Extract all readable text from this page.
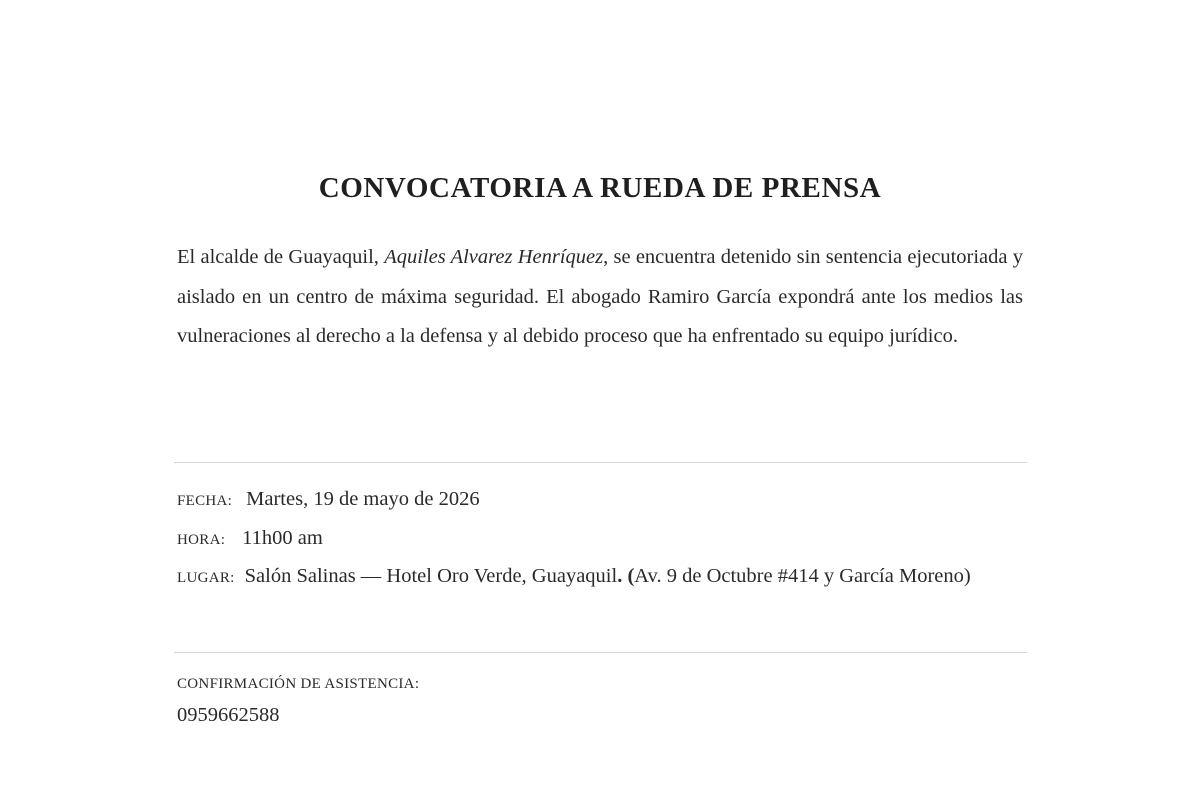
CONVOCATORIA A RUEDA DE PRENSA

El alcalde de Guayaquil, Aquiles Alvarez Henríquez, se encuentra detenido sin sentencia ejecutoriada y aislado en un centro de máxima seguridad. El abogado Ramiro García expondrá ante los medios las vulneraciones al derecho a la defensa y al debido proceso que ha enfrentado su equipo jurídico.

FECHA: Martes, 19 de mayo de 2026
HORA: 11h00 am
LUGAR: Salón Salinas — Hotel Oro Verde, Guayaquil. (Av. 9 de Octubre #414 y García Moreno)
CONFIRMACIÓN DE ASISTENCIA:
0959662588
